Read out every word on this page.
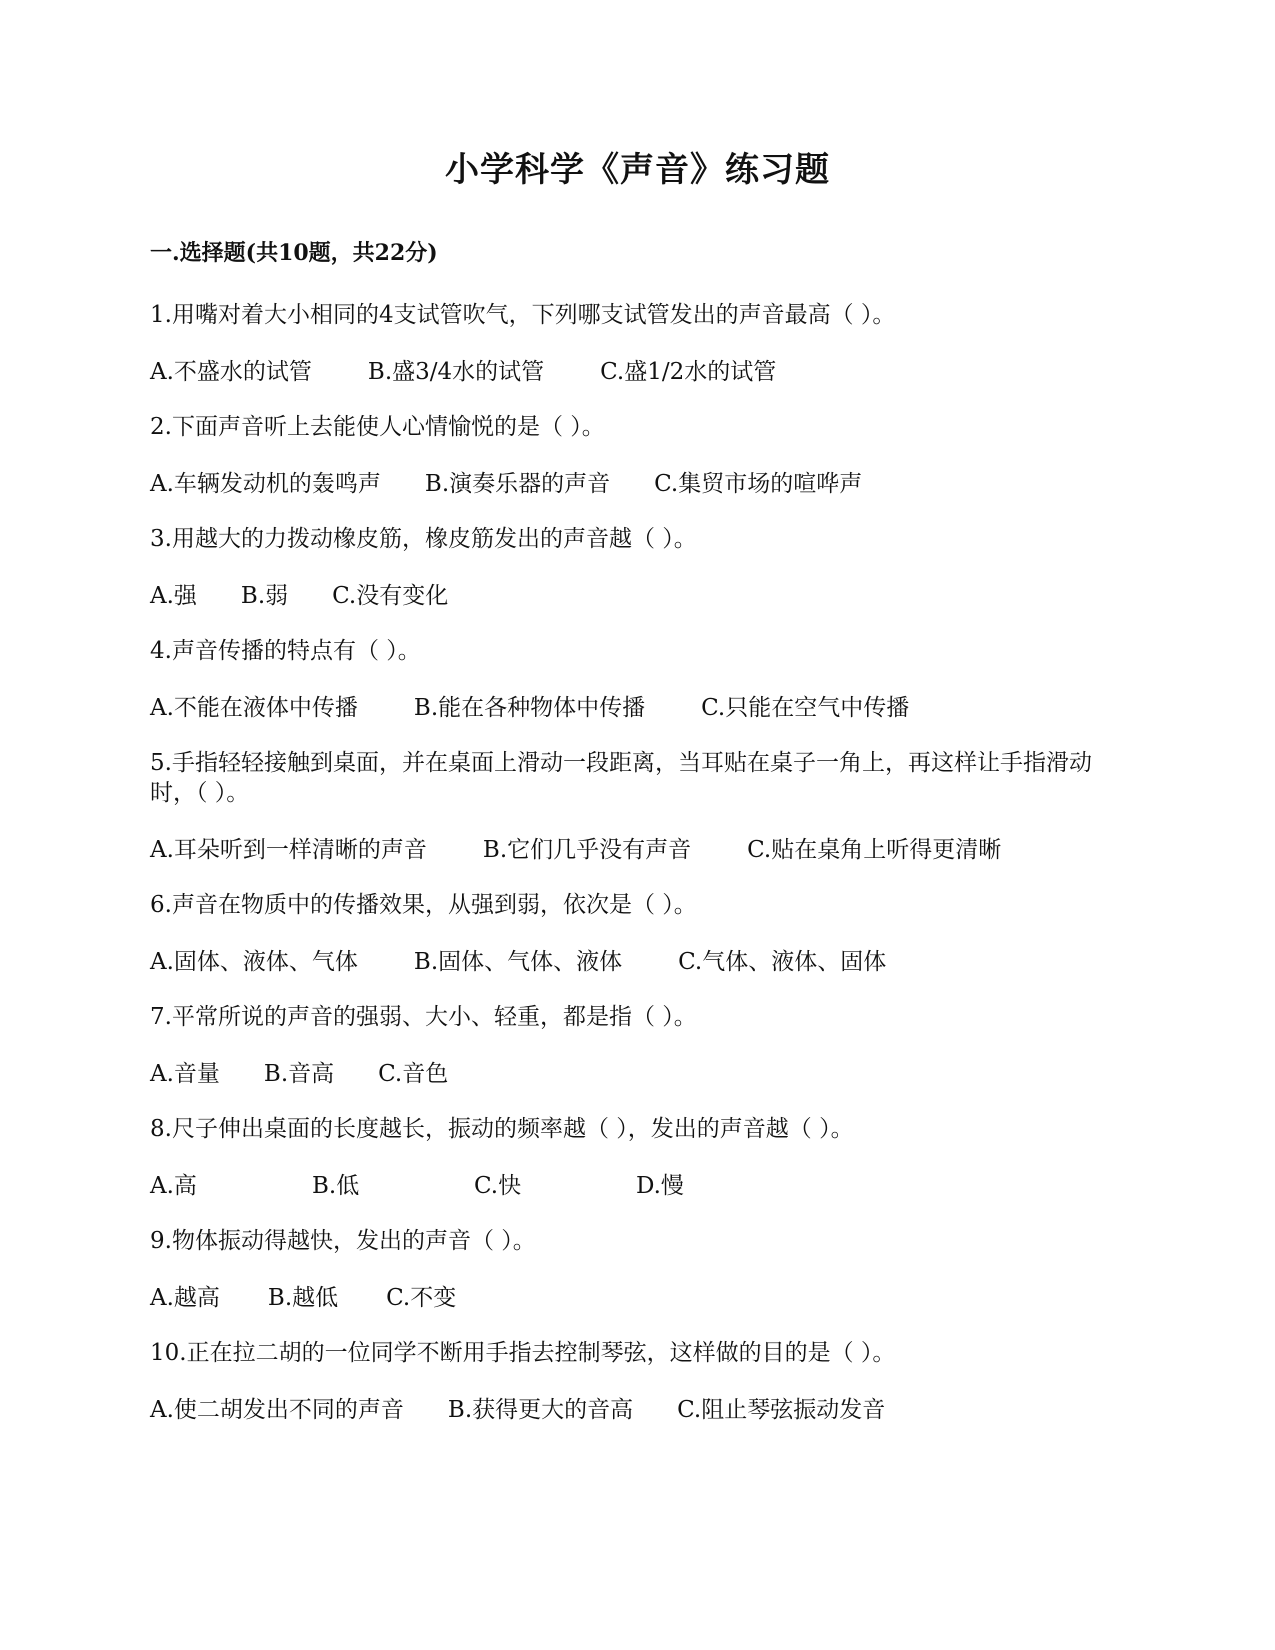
小学科学《声音》练习题
一.选择题(共10题，共22分)

1.用嘴对着大小相同的4支试管吹气，下列哪支试管发出的声音最高（ ）。

A.不盛水的试管 B.盛3/4水的试管 C.盛1/2水的试管

2.下面声音听上去能使人心情愉悦的是（ ）。

A.车辆发动机的轰鸣声 B.演奏乐器的声音 C.集贸市场的喧哗声

3.用越大的力拨动橡皮筋，橡皮筋发出的声音越（ ）。

A.强 B.弱 C.没有变化

4.声音传播的特点有（ ）。

A.不能在液体中传播 B.能在各种物体中传播 C.只能在空气中传播

5.手指轻轻接触到桌面，并在桌面上滑动一段距离，当耳贴在桌子一角上，再这样让手指滑动时，（ ）。

A.耳朵听到一样清晰的声音 B.它们几乎没有声音 C.贴在桌角上听得更清晰

6.声音在物质中的传播效果，从强到弱，依次是（ ）。

A.固体、液体、气体 B.固体、气体、液体 C.气体、液体、固体

7.平常所说的声音的强弱、大小、轻重，都是指（ ）。

A.音量 B.音高 C.音色

8.尺子伸出桌面的长度越长，振动的频率越（ ），发出的声音越（ ）。

A.高	B.低	C.快	D.慢

9.物体振动得越快，发出的声音（ ）。

A.越高 B.越低 C.不变

10.正在拉二胡的一位同学不断用手指去控制琴弦，这样做的目的是（ ）。

A.使二胡发出不同的声音 B.获得更大的音高 C.阻止琴弦振动发音
